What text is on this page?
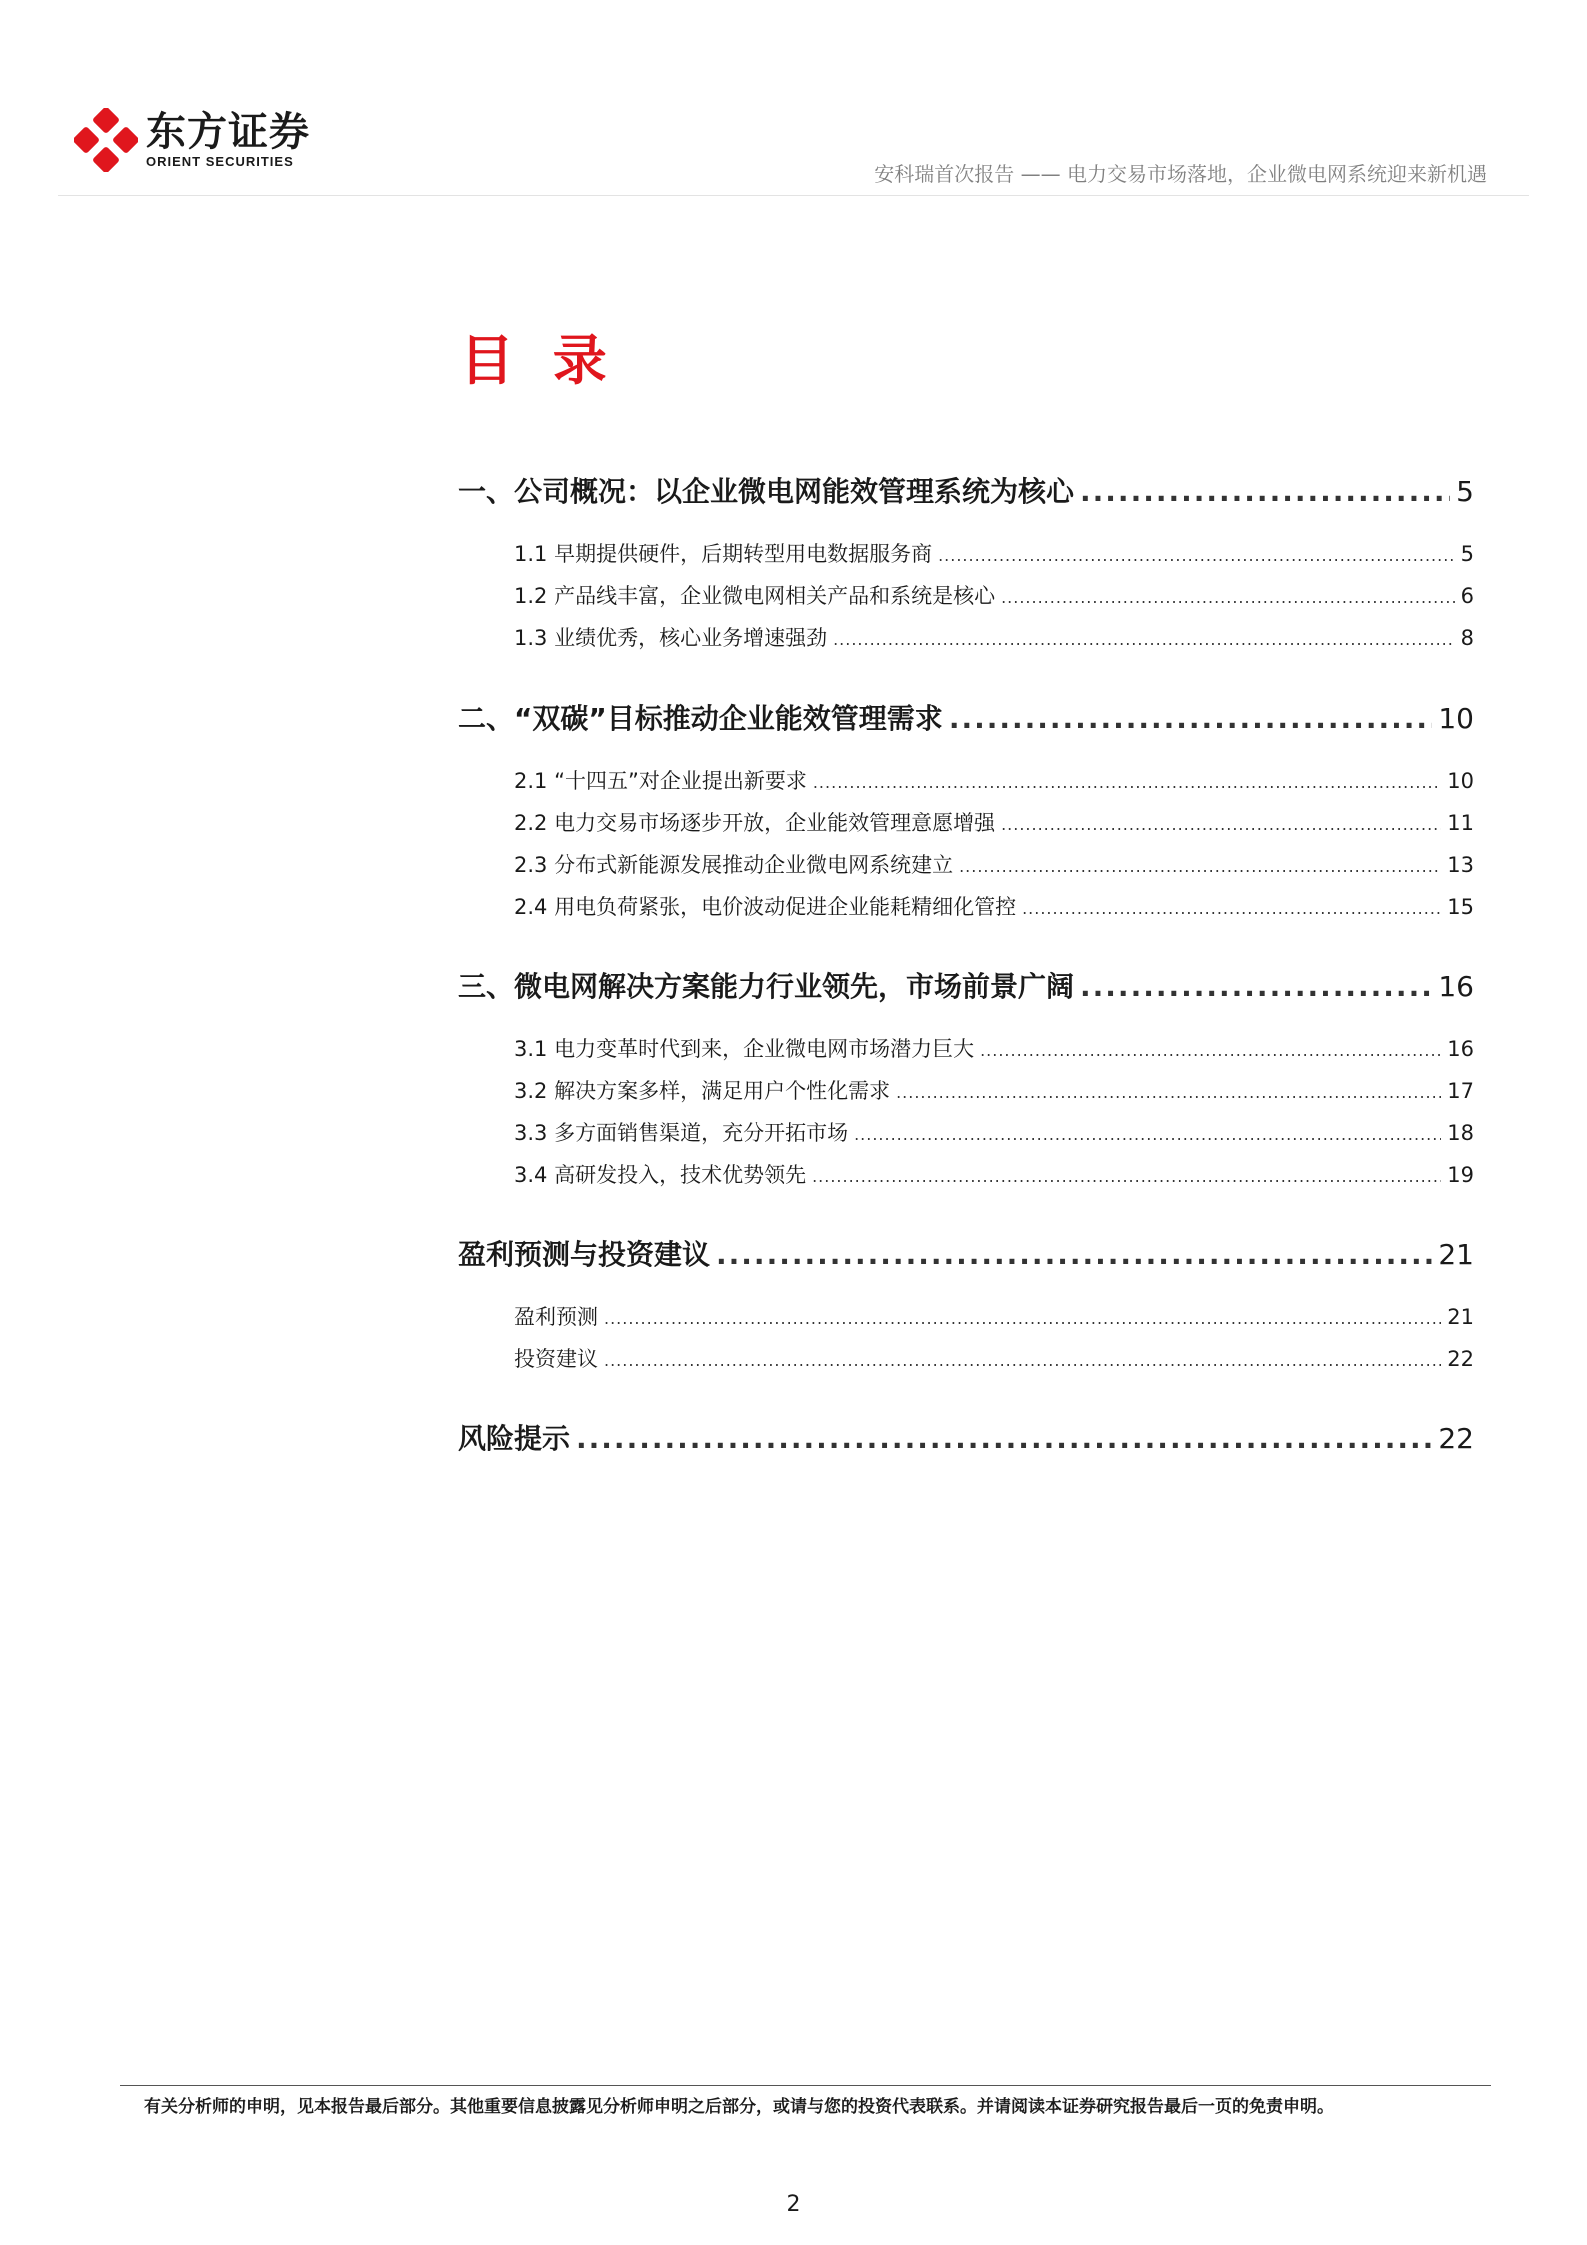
东方证券
ORIENT SECURITIES
安科瑞首次报告 —— 电力交易市场落地，企业微电网系统迎来新机遇
目 录
一、公司概况：以企业微电网能效管理系统为核心 .....	5
1.1 早期提供硬件，后期转型用电数据服务商 .....	5
1.2 产品线丰富，企业微电网相关产品和系统是核心 .....	6
1.3 业绩优秀，核心业务增速强劲 .....	8
二、“双碳”目标推动企业能效管理需求 .....	10
2.1 “十四五”对企业提出新要求 .....	10
2.2 电力交易市场逐步开放，企业能效管理意愿增强 .....	11
2.3 分布式新能源发展推动企业微电网系统建立 .....	13
2.4 用电负荷紧张，电价波动促进企业能耗精细化管控 .....	15
三、微电网解决方案能力行业领先，市场前景广阔 .....	16
3.1 电力变革时代到来，企业微电网市场潜力巨大 .....	16
3.2 解决方案多样，满足用户个性化需求 .....	17
3.3 多方面销售渠道，充分开拓市场 .....	18
3.4 高研发投入，技术优势领先 .....	19
盈利预测与投资建议 .....	21
盈利预测 .....	21
投资建议 .....	22
风险提示 .....	22
有关分析师的申明，见本报告最后部分。其他重要信息披露见分析师申明之后部分，或请与您的投资代表联系。并请阅读本证券研究报告最后一页的免责申明。
2
